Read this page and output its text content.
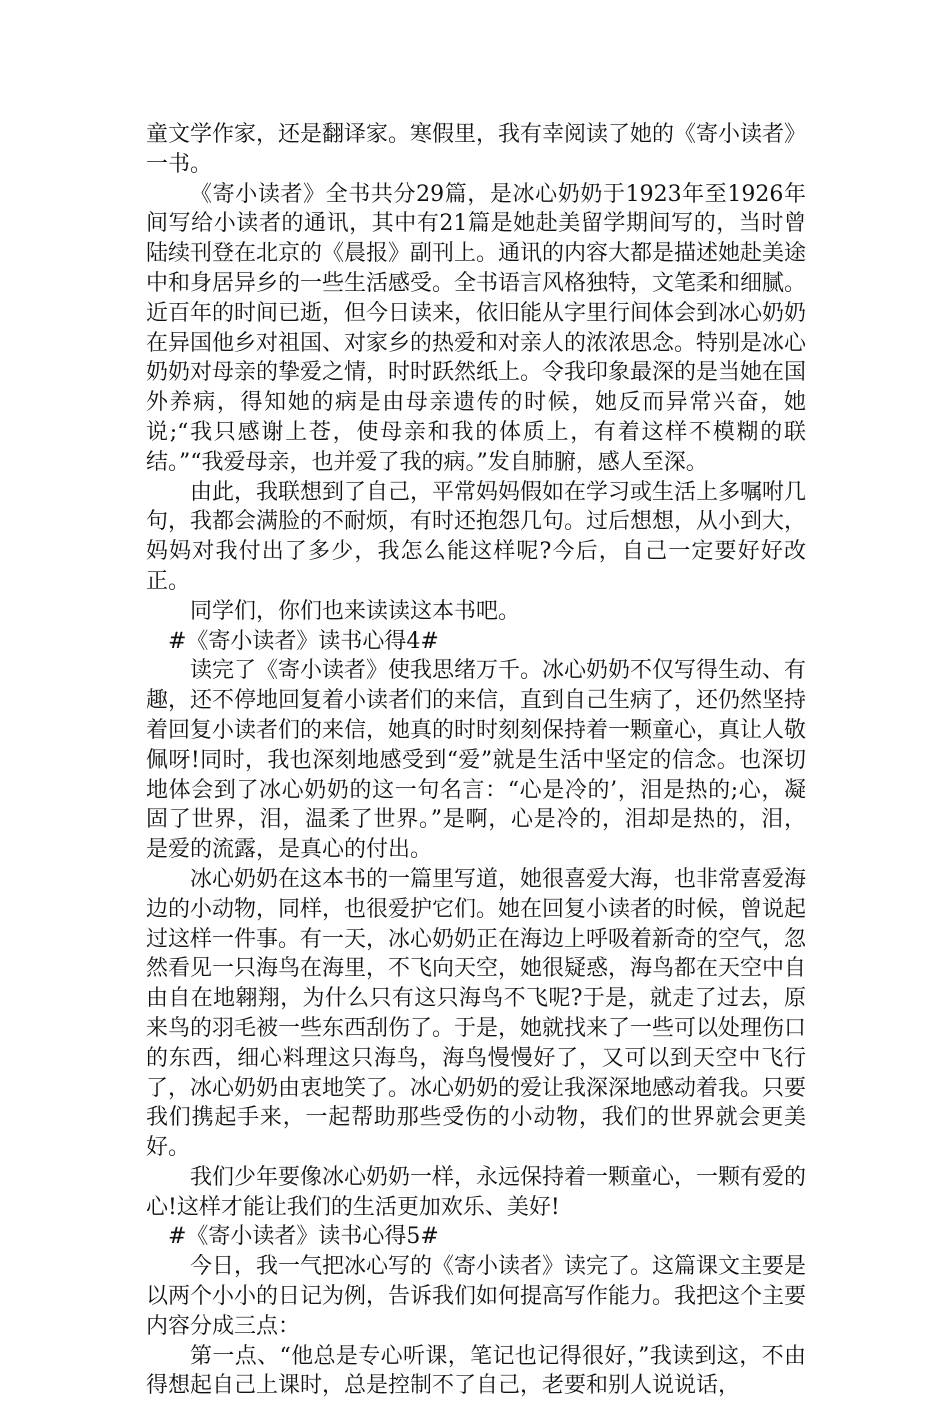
童文学作家，还是翻译家。寒假里，我有幸阅读了她的《寄小读者》一书。

《寄小读者》全书共分29篇，是冰心奶奶于1923年至1926年间写给小读者的通讯，其中有21篇是她赴美留学期间写的，当时曾陆续刊登在北京的《晨报》副刊上。通讯的内容大都是描述她赴美途中和身居异乡的一些生活感受。全书语言风格独特，文笔柔和细腻。近百年的时间已逝，但今日读来，依旧能从字里行间体会到冰心奶奶在异国他乡对祖国、对家乡的热爱和对亲人的浓浓思念。特别是冰心奶奶对母亲的挚爱之情，时时跃然纸上。令我印象最深的是当她在国外养病，得知她的病是由母亲遗传的时候，她反而异常兴奋，她说;“我只感谢上苍，使母亲和我的体质上，有着这样不模糊的联结。”“我爱母亲，也并爱了我的病。”发自肺腑，感人至深。

由此，我联想到了自己，平常妈妈假如在学习或生活上多嘱咐几句，我都会满脸的不耐烦，有时还抱怨几句。过后想想，从小到大，妈妈对我付出了多少，我怎么能这样呢?今后，自己一定要好好改正。

同学们，你们也来读读这本书吧。

#《寄小读者》读书心得4#

读完了《寄小读者》使我思绪万千。冰心奶奶不仅写得生动、有趣，还不停地回复着小读者们的来信，直到自己生病了，还仍然坚持着回复小读者们的来信，她真的时时刻刻保持着一颗童心，真让人敬佩呀!同时，我也深刻地感受到“爱”就是生活中坚定的信念。也深切地体会到了冰心奶奶的这一句名言：“心是冷的’，泪是热的;心，凝固了世界，泪，温柔了世界。”是啊，心是冷的，泪却是热的，泪，是爱的流露，是真心的付出。

冰心奶奶在这本书的一篇里写道，她很喜爱大海，也非常喜爱海边的小动物，同样，也很爱护它们。她在回复小读者的时候，曾说起过这样一件事。有一天，冰心奶奶正在海边上呼吸着新奇的空气，忽然看见一只海鸟在海里，不飞向天空，她很疑惑，海鸟都在天空中自由自在地翱翔，为什么只有这只海鸟不飞呢?于是，就走了过去，原来鸟的羽毛被一些东西刮伤了。于是，她就找来了一些可以处理伤口的东西，细心料理这只海鸟，海鸟慢慢好了，又可以到天空中飞行了，冰心奶奶由衷地笑了。冰心奶奶的爱让我深深地感动着我。只要我们携起手来，一起帮助那些受伤的小动物，我们的世界就会更美好。

我们少年要像冰心奶奶一样，永远保持着一颗童心，一颗有爱的心!这样才能让我们的生活更加欢乐、美好!

#《寄小读者》读书心得5#

今日，我一气把冰心写的《寄小读者》读完了。这篇课文主要是以两个小小的日记为例，告诉我们如何提高写作能力。我把这个主要内容分成三点：

第一点、“他总是专心听课，笔记也记得很好，”我读到这，不由得想起自己上课时，总是控制不了自己，老要和别人说说话，
